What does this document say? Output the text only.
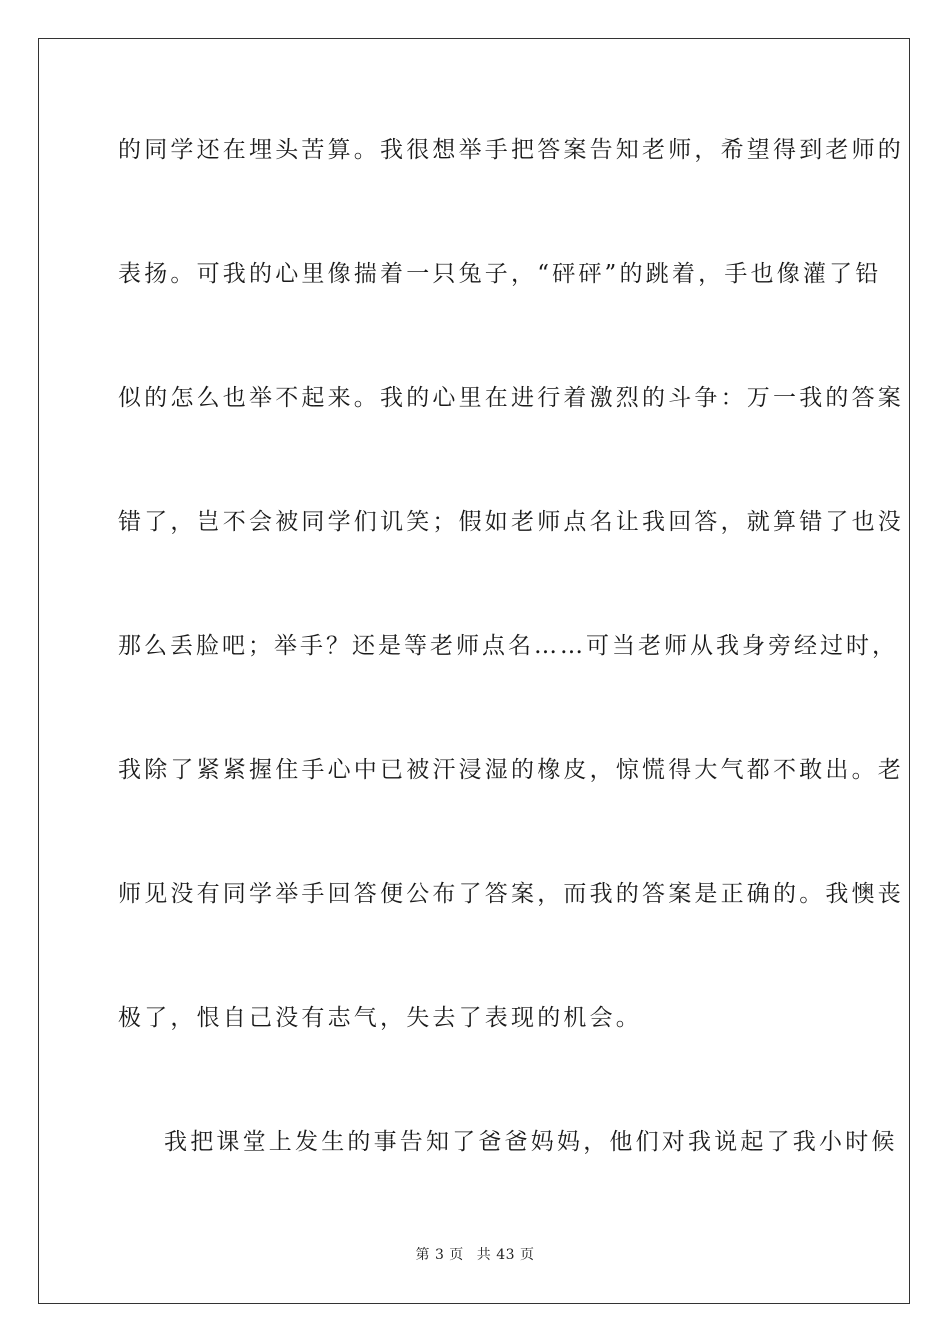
的同学还在埋头苦算。我很想举手把答案告知老师，希望得到老师的

表扬。可我的心里像揣着一只兔子，“砰砰”的跳着，手也像灌了铅

似的怎么也举不起来。我的心里在进行着激烈的斗争：万一我的答案

错了，岂不会被同学们讥笑；假如老师点名让我回答，就算错了也没

那么丢脸吧；举手？还是等老师点名……可当老师从我身旁经过时，

我除了紧紧握住手心中已被汗浸湿的橡皮，惊慌得大气都不敢出。老

师见没有同学举手回答便公布了答案，而我的答案是正确的。我懊丧

极了，恨自己没有志气，失去了表现的机会。

我把课堂上发生的事告知了爸爸妈妈，他们对我说起了我小时候

第 3 页 共 43 页
